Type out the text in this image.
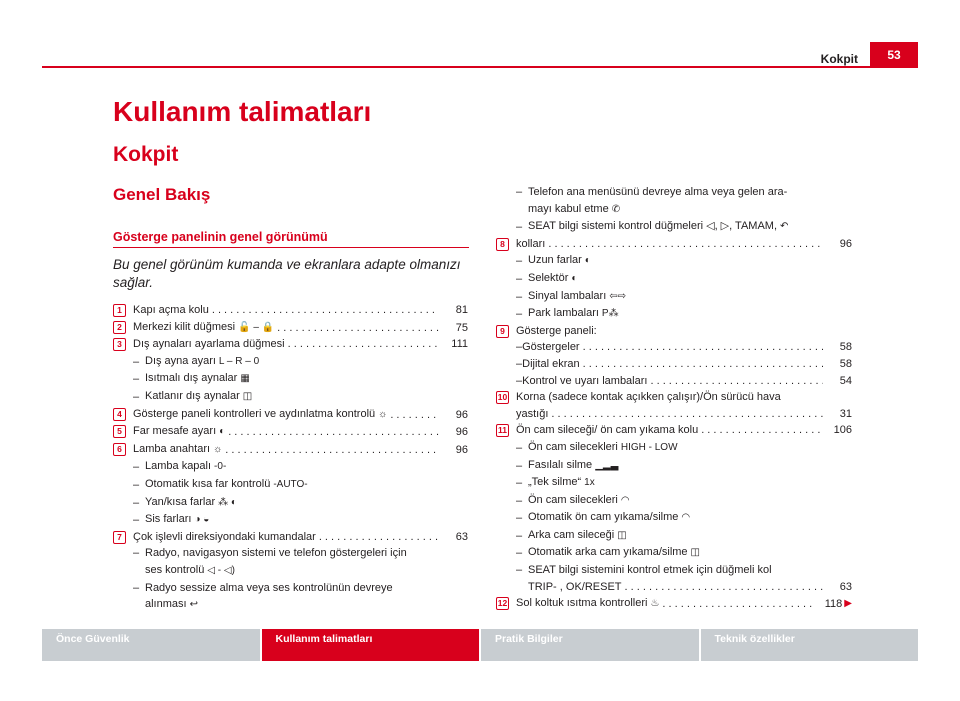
Kokpit	53
Kullanım talimatları
Kokpit
Genel Bakış
Gösterge panelinin genel görünümü
Bu genel görünüm kumanda ve ekranlara adapte olmanızı sağlar.
1	Kapı açma kolu . . .	81
2	Merkezi kilit düğmesi 🔓 – 🔒 . . .	75
3	Dış aynaları ayarlama düğmesi . . .	111
– Dış ayna ayarı L – R – 0
– Isıtmalı dış aynalar ▦
– Katlanır dış aynalar ◫
4	Gösterge paneli kontrolleri ve aydınlatma kontrolü ☼ . . .	96
5	Far mesafe ayarı ◐ . . .	96
6	Lamba anahtarı ☼ . . .	96
– Lamba kapalı -0-
– Otomatik kısa far kontrolü -AUTO-
– Yan/kısa farlar ⁂ ◐
– Sis farları ◑ ◒
7	Çok işlevli direksiyondaki kumandalar . . .	63
– Radyo, navigasyon sistemi ve telefon göstergeleri için
ses kontrolü ◁ - ◁)
– Radyo sessize alma veya ses kontrolünün devreye
alınması ↩
– Telefon ana menüsünü devreye alma veya gelen ara-
mayı kabul etme ✆
– SEAT bilgi sistemi kontrol düğmeleri ◁, ▷, TAMAM, ↶
8	kolları . . .	96
– Uzun farlar ◐
– Selektör ◐
– Sinyal lambaları ⇦⇨
– Park lambaları P⁂
9	Gösterge paneli:
– Göstergeler . . .	58
– Dijital ekran . . .	58
– Kontrol ve uyarı lambaları . . .	54
10 Korna (sadece kontak açıkken çalışır)/Ön sürücü hava
yastığı . . .	31
11 Ön cam sileceği/ ön cam yıkama kolu . . .	106
– Ön cam silecekleri HIGH - LOW
– Fasılalı silme ▁▂▃
– „Tek silme“ 1x
– Ön cam silecekleri ◠
– Otomatik ön cam yıkama/silme ◠
– Arka cam sileceği ◫
– Otomatik arka cam yıkama/silme ◫
– SEAT bilgi sistemini kontrol etmek için düğmeli kol
TRIP- , OK/RESET . . .	63
12 Sol koltuk ısıtma kontrolleri ♨ . . .	118 ▶
Önce Güvenlik	Kullanım talimatları	Pratik Bilgiler	Teknik özellikler
